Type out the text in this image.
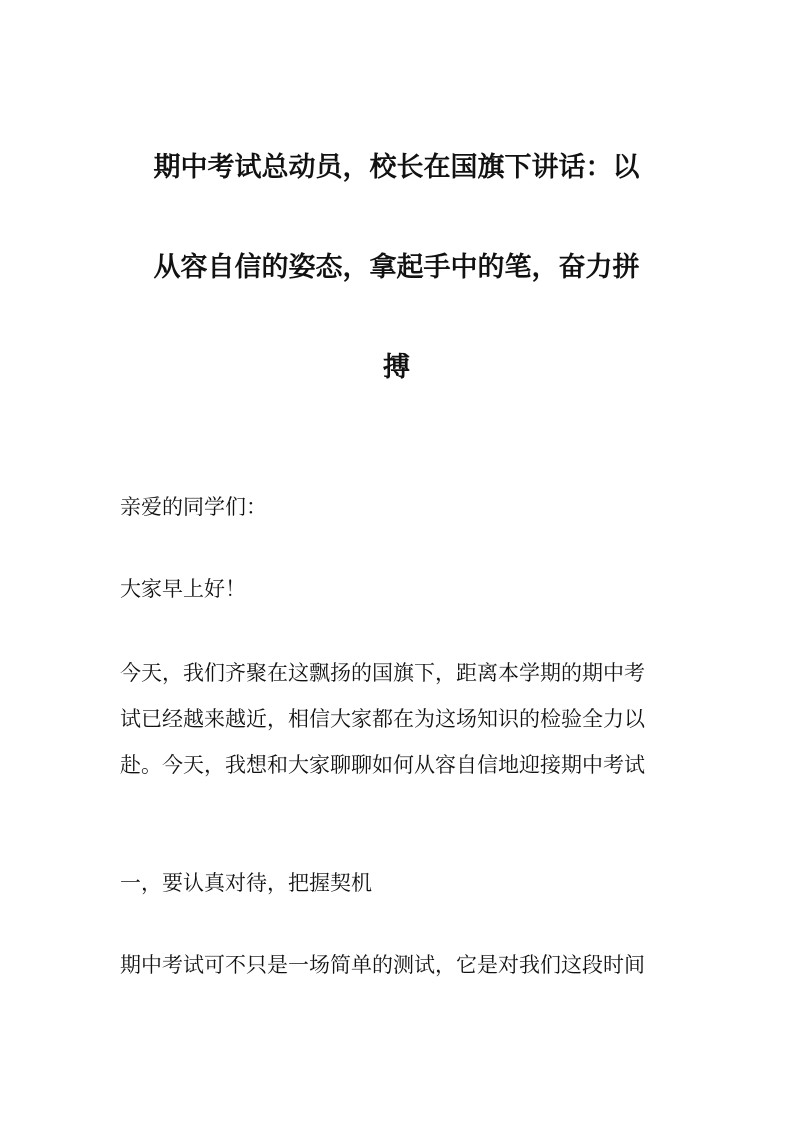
期中考试总动员，校长在国旗下讲话：以
从容自信的姿态，拿起手中的笔，奋力拼
搏

亲爱的同学们：

大家早上好！

今天，我们齐聚在这飘扬的国旗下，距离本学期的期中考
试已经越来越近，相信大家都在为这场知识的检验全力以
赴。今天，我想和大家聊聊如何从容自信地迎接期中考试

一，要认真对待，把握契机

期中考试可不只是一场简单的测试，它是对我们这段时间
